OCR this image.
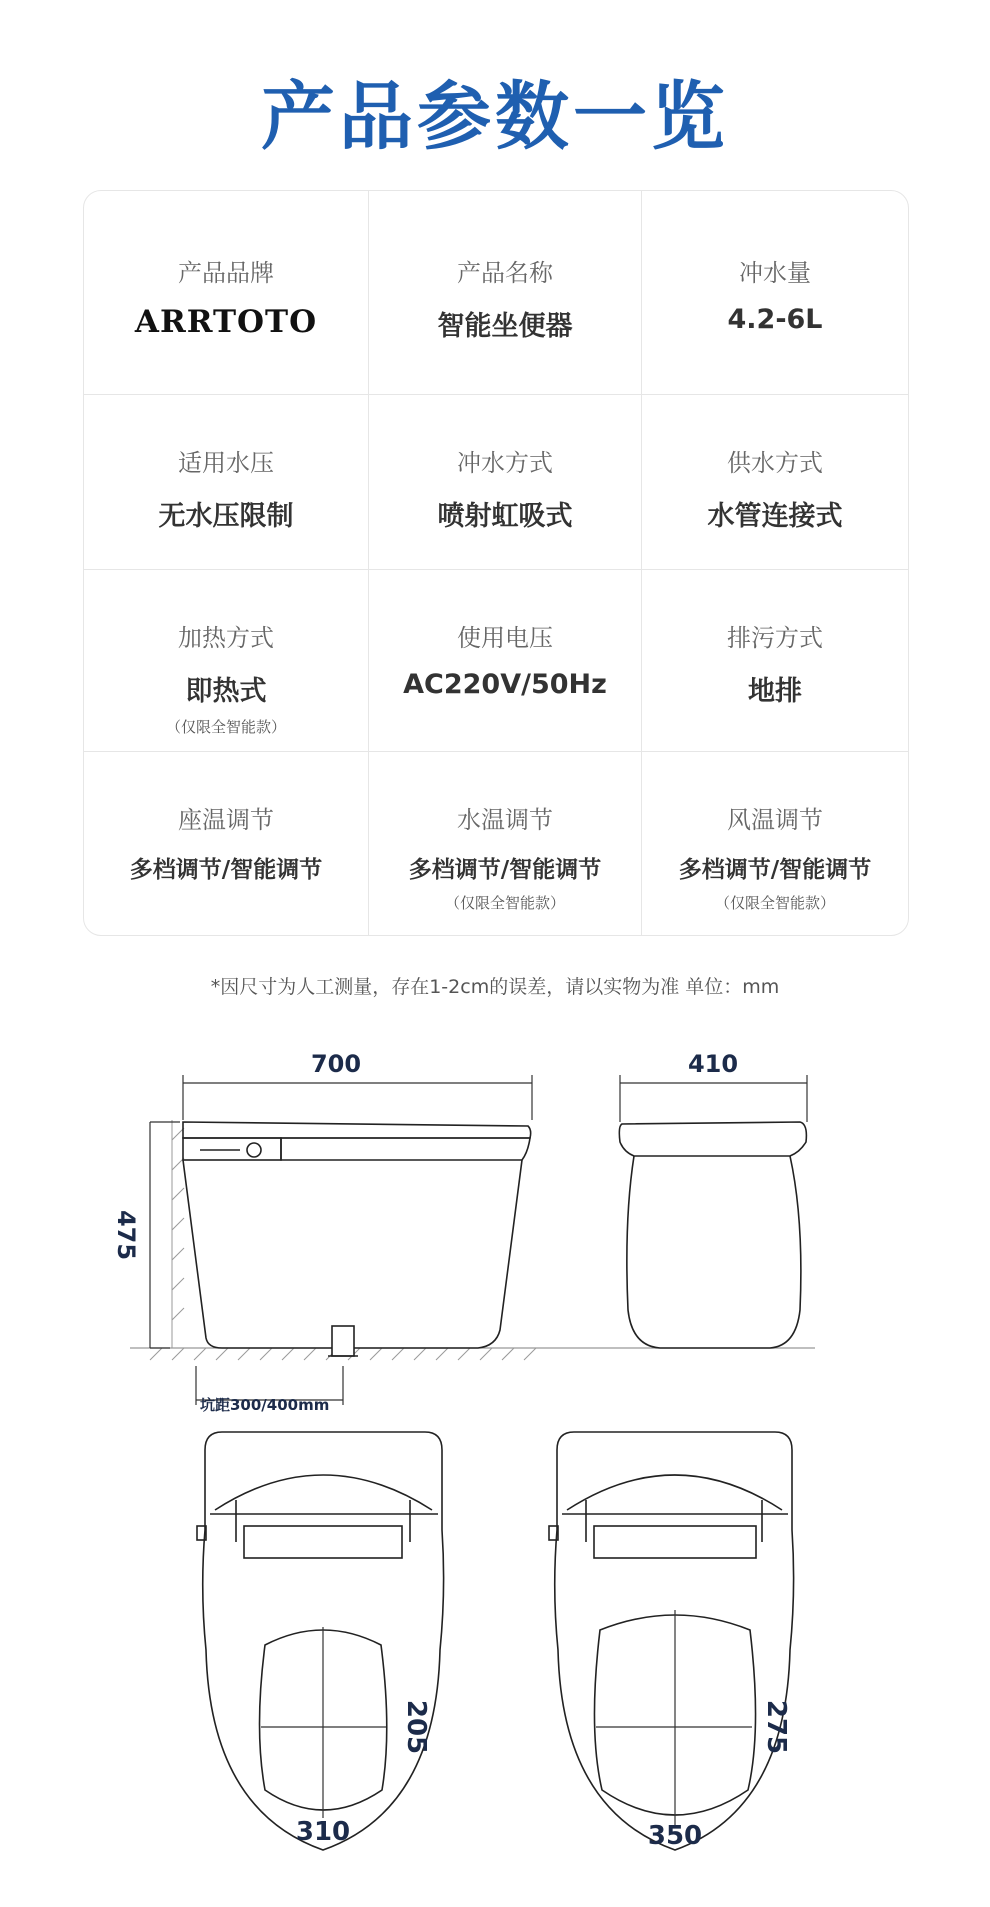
产品参数一览
产品品牌
ARRTOTO
产品名称
智能坐便器
冲水量
4.2-6L
适用水压
无水压限制
冲水方式
喷射虹吸式
供水方式
水管连接式
加热方式
即热式
（仅限全智能款）
使用电压
AC220V/50Hz
排污方式
地排
座温调节
多档调节/智能调节
水温调节
多档调节/智能调节
（仅限全智能款）
风温调节
多档调节/智能调节
（仅限全智能款）
*因尺寸为人工测量，存在1-2cm的误差，请以实物为准 单位：mm
700	410
475
坑距300/400mm
205
310
275
350
